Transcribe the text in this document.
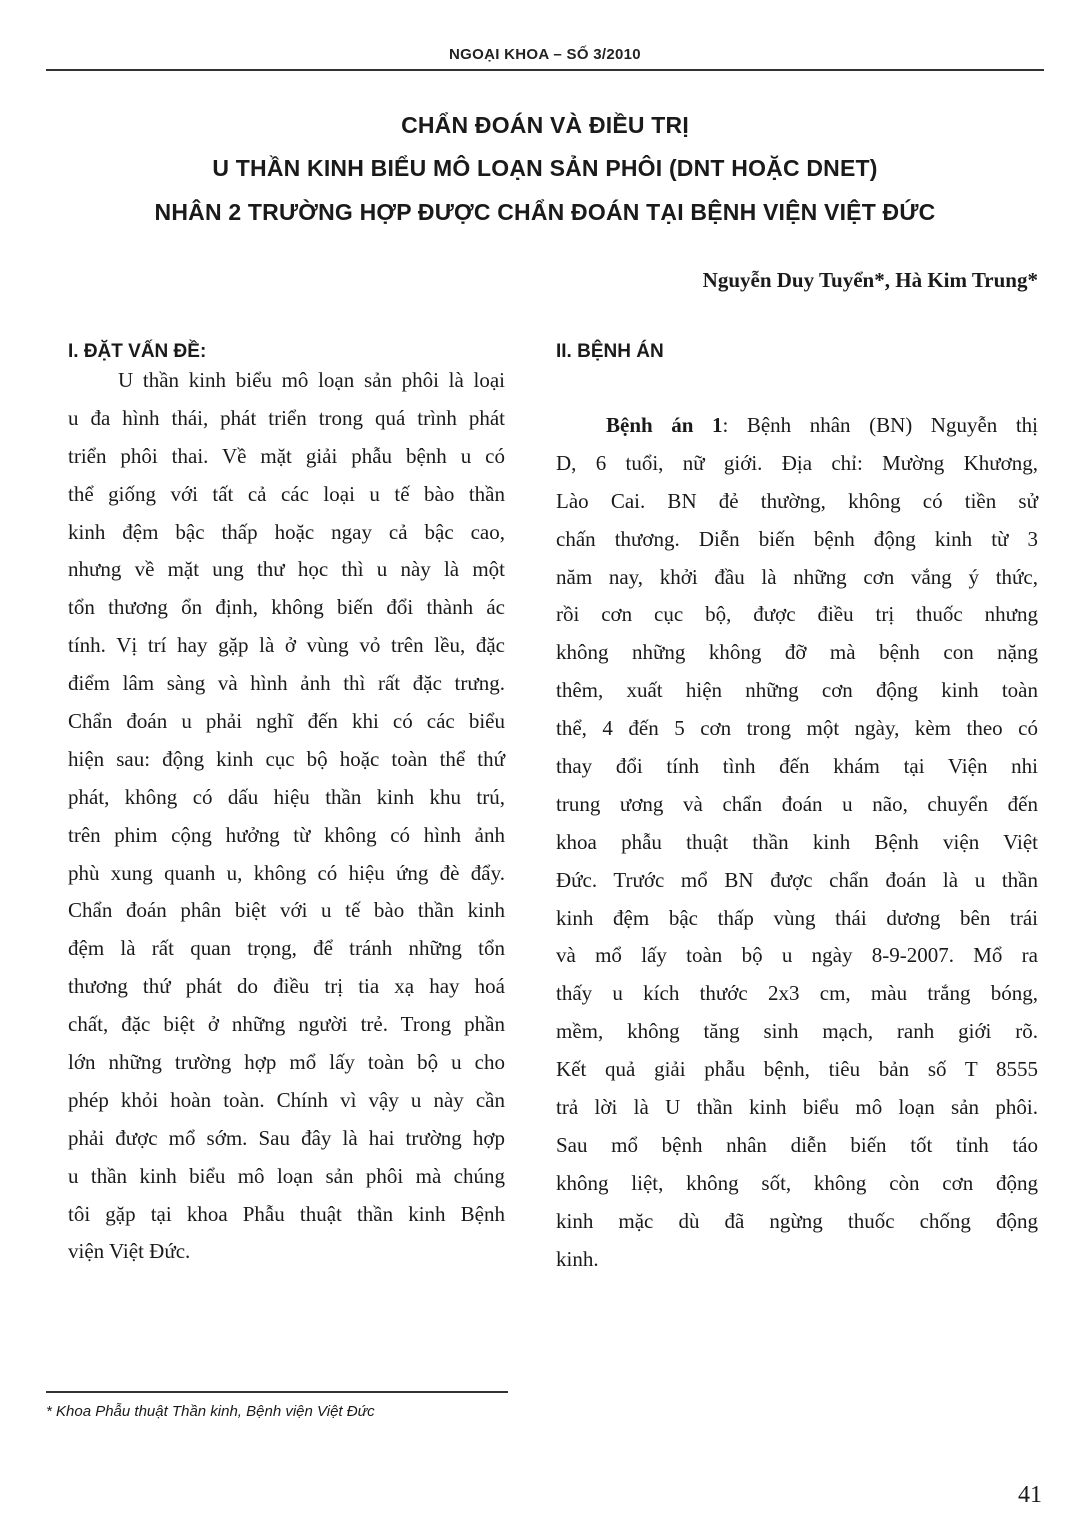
NGOẠI KHOA – SỐ 3/2010
CHẨN ĐOÁN VÀ ĐIỀU TRỊ
U THẦN KINH BIỂU MÔ LOẠN SẢN PHÔI (DNT HOẶC DNET)
NHÂN 2 TRƯỜNG HỢP ĐƯỢC CHẨN ĐOÁN TẠI BỆNH VIỆN VIỆT ĐỨC
Nguyễn Duy Tuyển*, Hà Kim Trung*
I. ĐẶT VẤN ĐỀ:	II. BỆNH ÁN
U thần kinh biểu mô loạn sản phôi là loại
u đa hình thái, phát triển trong quá trình phát
triển phôi thai. Về mặt giải phẫu bệnh u có
thể giống với tất cả các loại u tế bào thần
kinh đệm bậc thấp hoặc ngay cả bậc cao,
nhưng về mặt ung thư học thì u này là một
tổn thương ổn định, không biến đổi thành ác
tính. Vị trí hay gặp là ở vùng vỏ trên lều, đặc
điểm lâm sàng và hình ảnh thì rất đặc trưng.
Chẩn đoán u phải nghĩ đến khi có các biểu
hiện sau: động kinh cục bộ hoặc toàn thể thứ
phát, không có dấu hiệu thần kinh khu trú,
trên phim cộng hưởng từ không có hình ảnh
phù xung quanh u, không có hiệu ứng đè đẩy.
Chẩn đoán phân biệt với u tế bào thần kinh
đệm là rất quan trọng, để tránh những tổn
thương thứ phát do điều trị tia xạ hay hoá
chất, đặc biệt ở những người trẻ. Trong phần
lớn những trường hợp mổ lấy toàn bộ u cho
phép khỏi hoàn toàn. Chính vì vậy u này cần
phải được mổ sớm. Sau đây là hai trường hợp
u thần kinh biểu mô loạn sản phôi mà chúng
tôi gặp tại khoa Phẫu thuật thần kinh Bệnh
viện Việt Đức.
Bệnh án 1: Bệnh nhân (BN) Nguyễn thị
D, 6 tuổi, nữ giới. Địa chỉ: Mường Khương,
Lào Cai. BN đẻ thường, không có tiền sử
chấn thương. Diễn biến bệnh động kinh từ 3
năm nay, khởi đầu là những cơn vắng ý thức,
rồi cơn cục bộ, được điều trị thuốc nhưng
không những không đỡ mà bệnh con nặng
thêm, xuất hiện những cơn động kinh toàn
thể, 4 đến 5 cơn trong một ngày, kèm theo có
thay đổi tính tình đến khám tại Viện nhi
trung ương và chẩn đoán u não, chuyển đến
khoa phẫu thuật thần kinh Bệnh viện Việt
Đức. Trước mổ BN được chẩn đoán là u thần
kinh đệm bậc thấp vùng thái dương bên trái
và mổ lấy toàn bộ u ngày 8-9-2007. Mổ ra
thấy u kích thước 2x3 cm, màu trắng bóng,
mềm, không tăng sinh mạch, ranh giới rõ.
Kết quả giải phẫu bệnh, tiêu bản số T 8555
trả lời là U thần kinh biểu mô loạn sản phôi.
Sau mổ bệnh nhân diễn biến tốt tỉnh táo
không liệt, không sốt, không còn cơn động
kinh mặc dù đã ngừng thuốc chống động
kinh.
* Khoa Phẫu thuật Thần kinh, Bệnh viện Việt Đức
41
